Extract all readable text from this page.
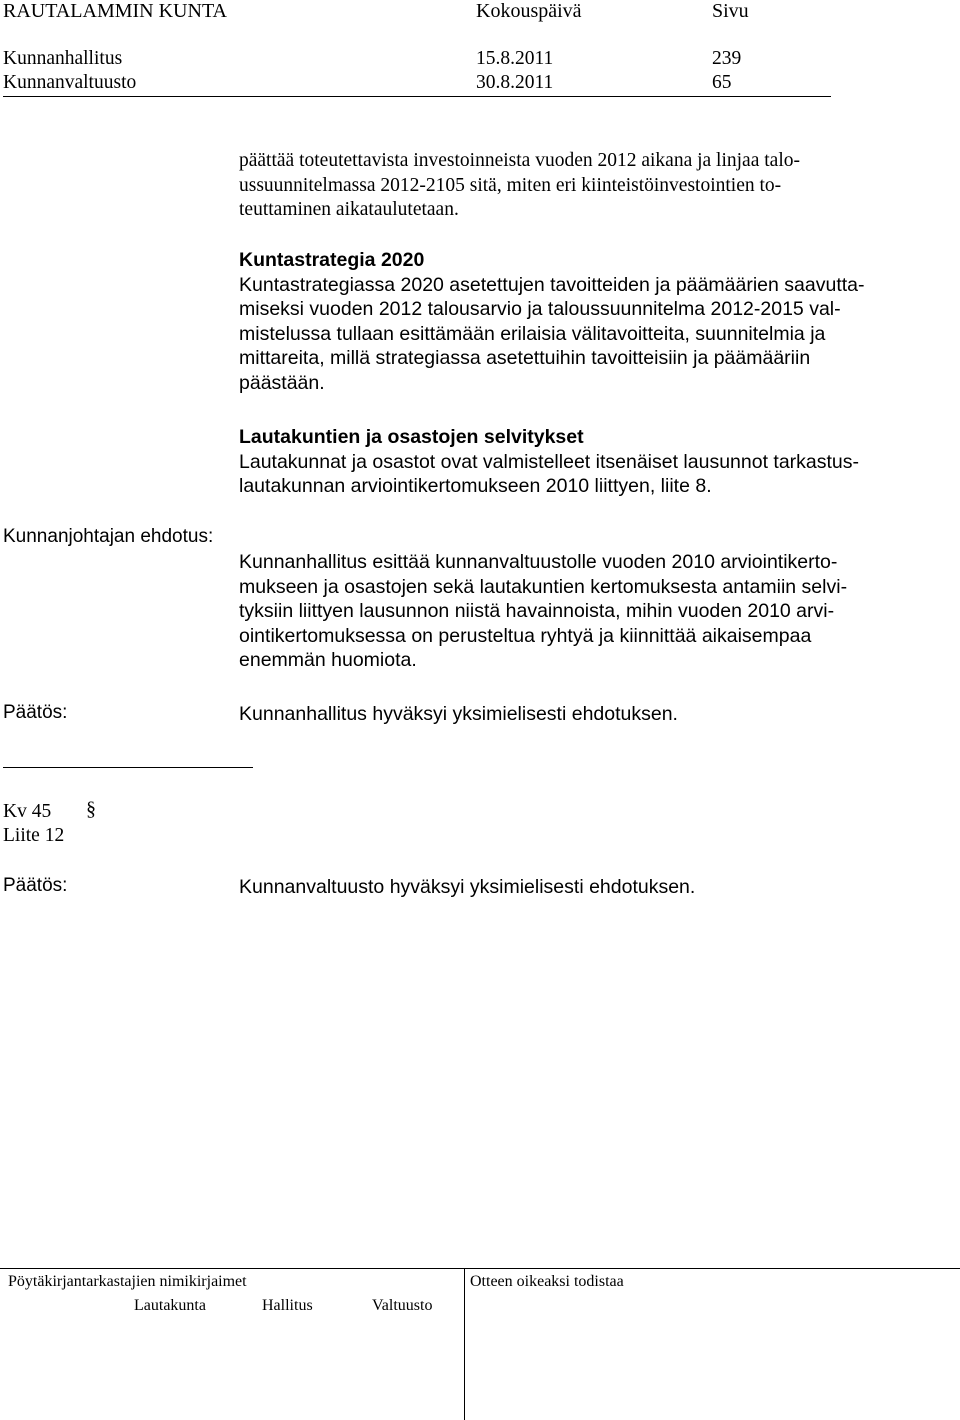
RAUTALAMMIN KUNTA	Kokouspäivä	Sivu
Kunnanhallitus	15.8.2011	239
Kunnanvaltuusto	30.8.2011	65
päättää toteutettavista investoinneista vuoden 2012 aikana ja linjaa talo-
ussuunnitelmassa 2012-2105 sitä, miten eri kiinteistöinvestointien to-
teuttaminen aikataulutetaan.
Kuntastrategia 2020
Kuntastrategiassa 2020 asetettujen tavoitteiden ja päämäärien saavutta-
miseksi vuoden 2012 talousarvio ja taloussuunnitelma 2012-2015 val-
mistelussa tullaan esittämään erilaisia välitavoitteita, suunnitelmia ja
mittareita, millä strategiassa asetettuihin tavoitteisiin ja päämääriin
päästään.
Lautakuntien ja osastojen selvitykset
Lautakunnat ja osastot ovat valmistelleet itsenäiset lausunnot tarkastus-
lautakunnan arviointikertomukseen 2010 liittyen, liite 8.
Kunnanjohtajan ehdotus:
Kunnanhallitus esittää kunnanvaltuustolle vuoden 2010 arviointikerto-
mukseen ja osastojen sekä lautakuntien kertomuksesta antamiin selvi-
tyksiin liittyen lausunnon niistä havainnoista, mihin vuoden 2010 arvi-
ointikertomuksessa on perusteltua ryhtyä ja kiinnittää aikaisempaa
enemmän huomiota.
Päätös:	Kunnanhallitus hyväksyi yksimielisesti ehdotuksen.
Kv 45 §
Liite 12
Päätös:	Kunnanvaltuusto hyväksyi yksimielisesti ehdotuksen.
Pöytäkirjantarkastajien nimikirjaimet
Lautakunta	Hallitus	Valtuusto
Otteen oikeaksi todistaa
